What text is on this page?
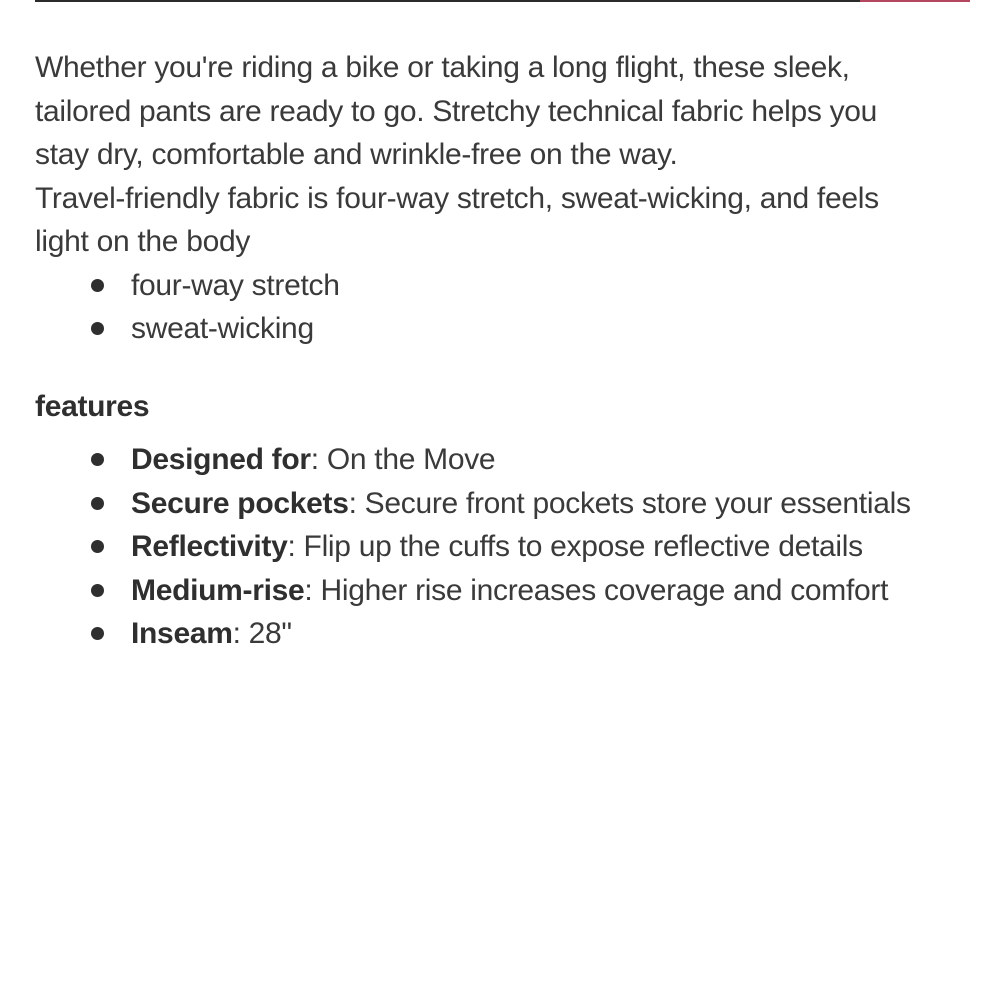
Whether you're riding a bike or taking a long flight, these sleek,
tailored pants are ready to go. Stretchy technical fabric helps you
stay dry, comfortable and wrinkle-free on the way.
Travel-friendly fabric is four-way stretch, sweat-wicking, and feels
light on the body

four-way stretch
sweat-wicking
features
Designed for: On the Move
Secure pockets: Secure front pockets store your essentials
Reflectivity: Flip up the cuffs to expose reflective details
Medium-rise: Higher rise increases coverage and comfort
Inseam: 28"
